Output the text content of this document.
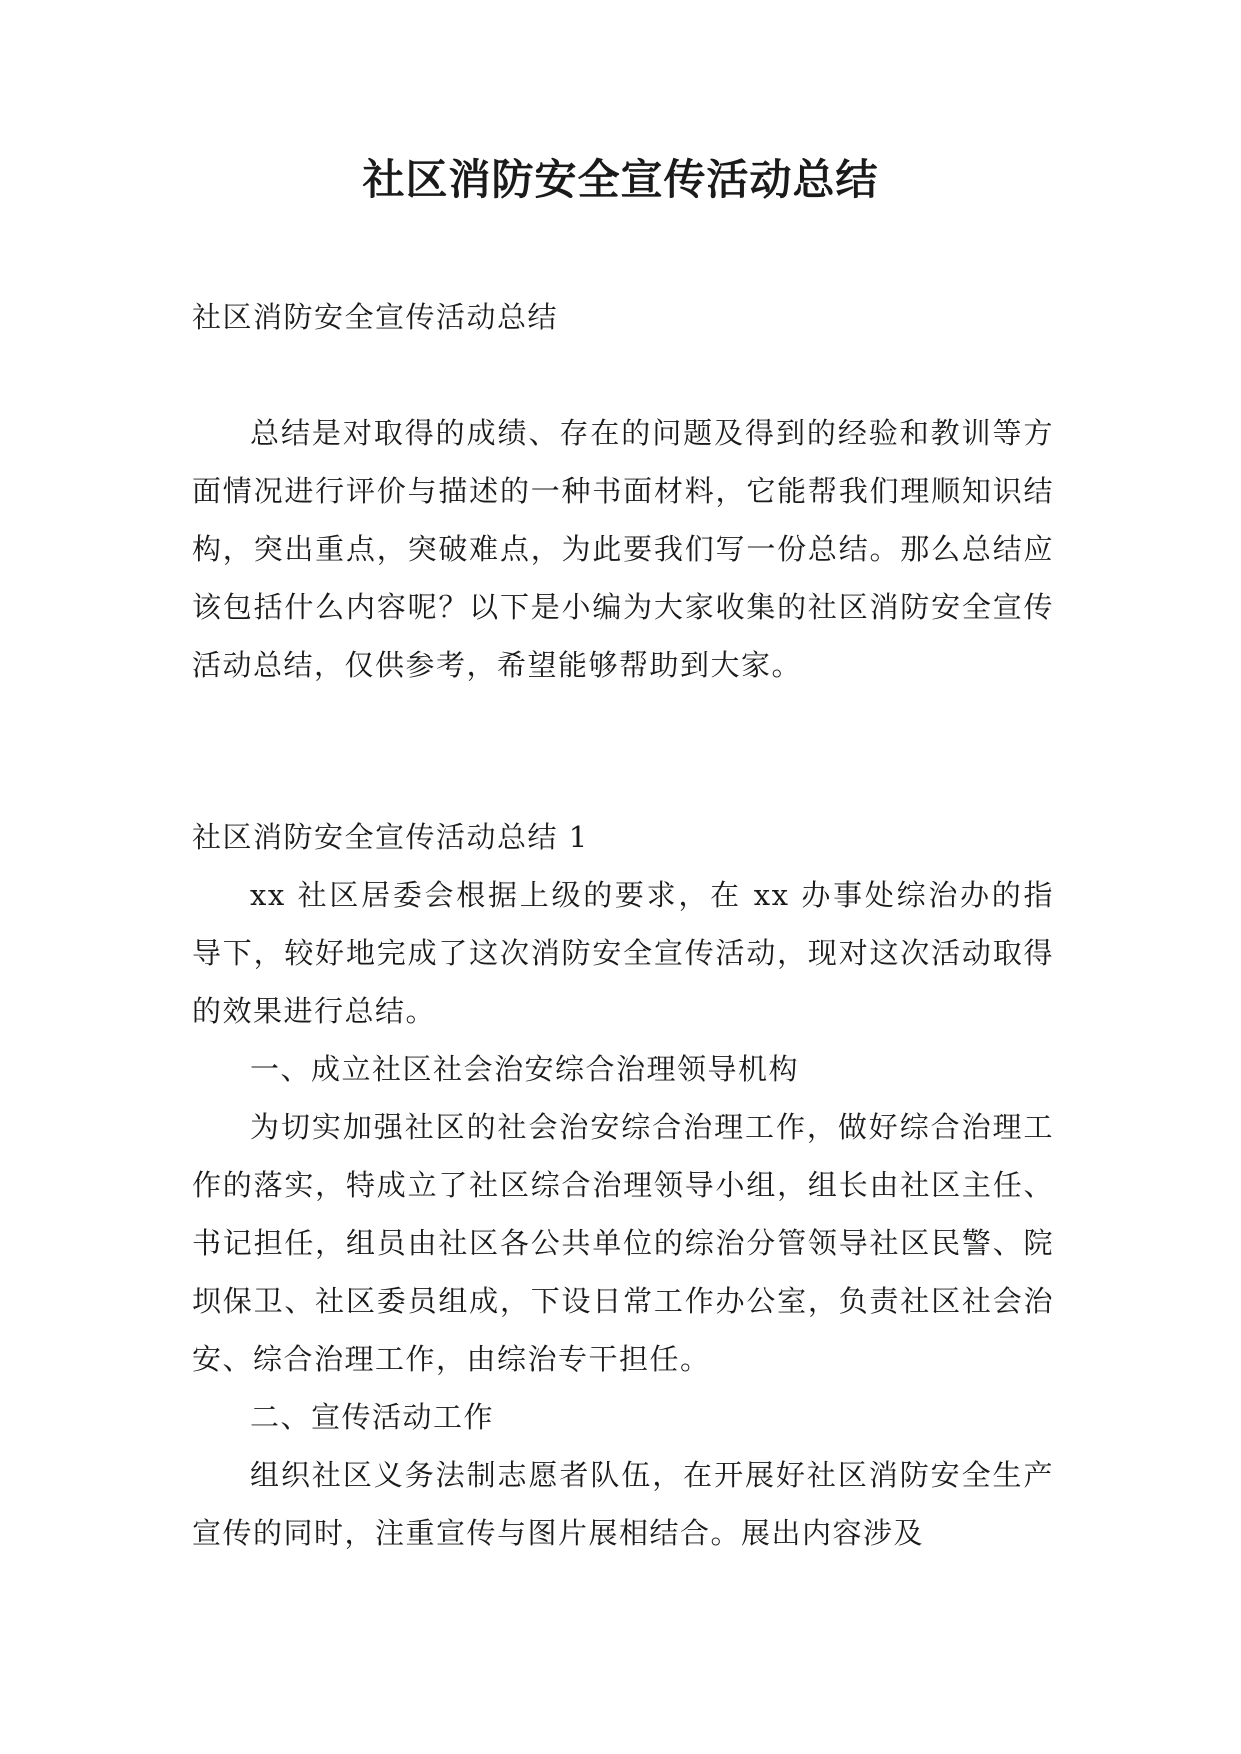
社区消防安全宣传活动总结
社区消防安全宣传活动总结
总结是对取得的成绩、存在的问题及得到的经验和教训等方面情况进行评价与描述的一种书面材料，它能帮我们理顺知识结构，突出重点，突破难点，为此要我们写一份总结。那么总结应该包括什么内容呢？以下是小编为大家收集的社区消防安全宣传活动总结，仅供参考，希望能够帮助到大家。
社区消防安全宣传活动总结 1

xx 社区居委会根据上级的要求，在 xx 办事处综治办的指导下，较好地完成了这次消防安全宣传活动，现对这次活动取得的效果进行总结。

一、成立社区社会治安综合治理领导机构

为切实加强社区的社会治安综合治理工作，做好综合治理工作的落实，特成立了社区综合治理领导小组，组长由社区主任、书记担任，组员由社区各公共单位的综治分管领导社区民警、院坝保卫、社区委员组成，下设日常工作办公室，负责社区社会治安、综合治理工作，由综治专干担任。

二、宣传活动工作

组织社区义务法制志愿者队伍，在开展好社区消防安全生产宣传的同时，注重宣传与图片展相结合。展出内容涉及
